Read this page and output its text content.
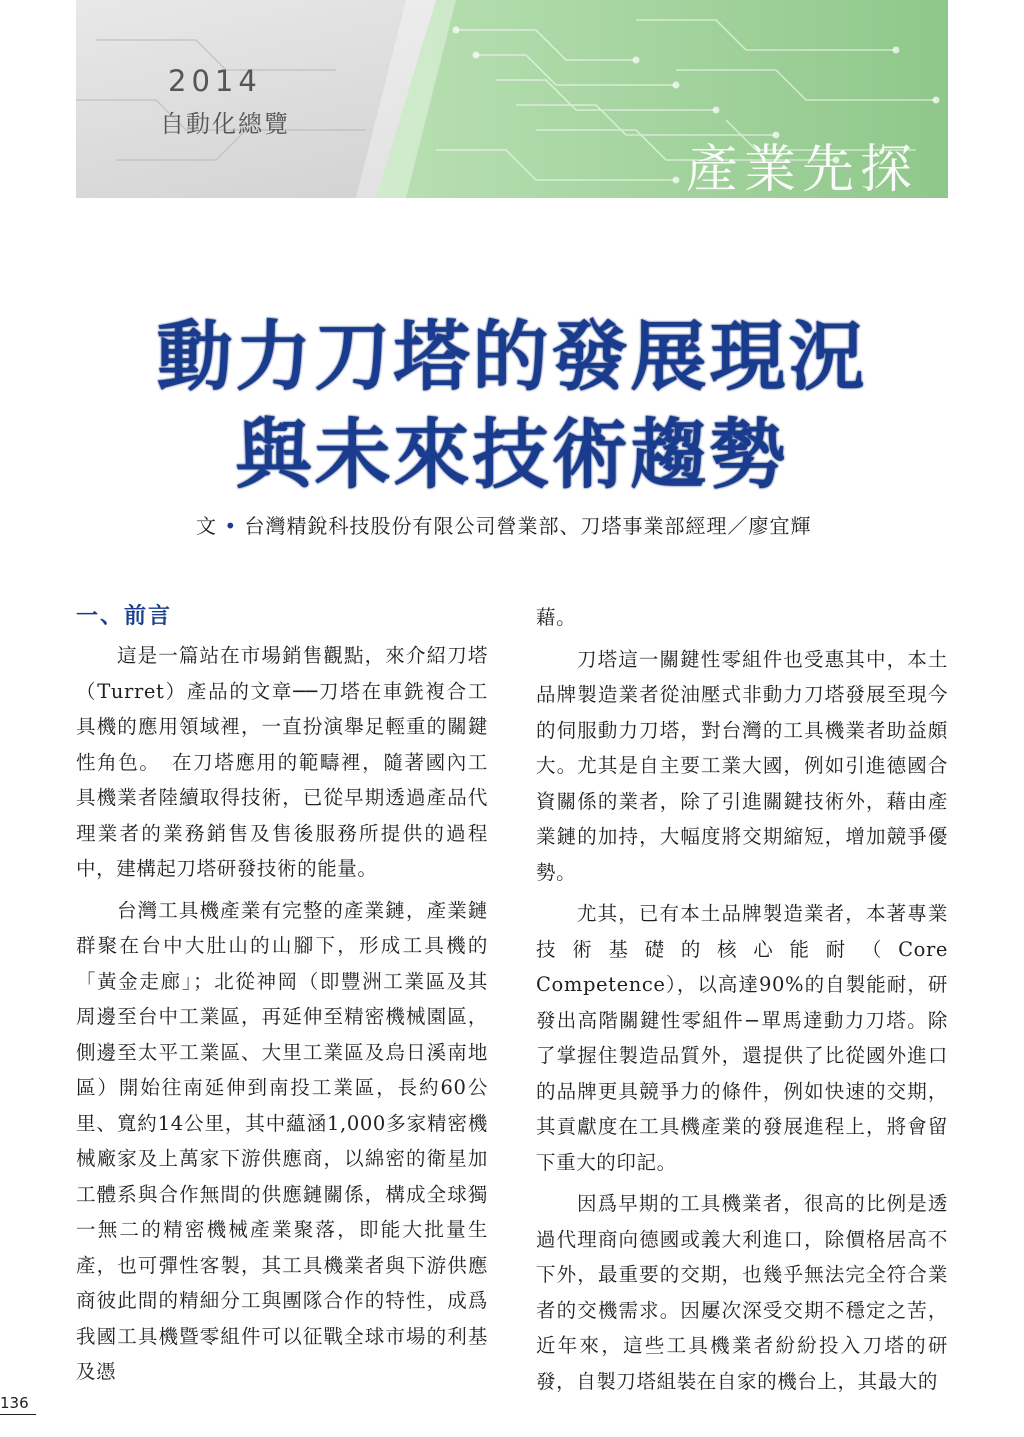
2014
自動化總覽
產業先探
動力刀塔的發展現況
與未來技術趨勢
文 • 台灣精銳科技股份有限公司營業部、刀塔事業部經理／廖宜輝
一、前言

這是一篇站在市場銷售觀點，來介紹刀塔（Turret）產品的文章──刀塔在車銑複合工具機的應用領域裡，一直扮演舉足輕重的關鍵性角色。　在刀塔應用的範疇裡，隨著國內工具機業者陸續取得技術，已從早期透過產品代理業者的業務銷售及售後服務所提供的過程中，建構起刀塔研發技術的能量。

台灣工具機產業有完整的產業鏈，產業鏈群聚在台中大肚山的山腳下，形成工具機的「黃金走廊」；北從神岡（即豐洲工業區及其周邊至台中工業區，再延伸至精密機械園區，側邊至太平工業區、大里工業區及烏日溪南地區）開始往南延伸到南投工業區，長約60公里、寬約14公里，其中蘊涵1,000多家精密機械廠家及上萬家下游供應商，以綿密的衛星加工體系與合作無間的供應鏈關係，構成全球獨一無二的精密機械產業聚落，即能大批量生產，也可彈性客製，其工具機業者與下游供應商彼此間的精細分工與團隊合作的特性，成爲我國工具機暨零組件可以征戰全球市場的利基及憑

藉。

刀塔這一關鍵性零組件也受惠其中，本土品牌製造業者從油壓式非動力刀塔發展至現今的伺服動力刀塔，對台灣的工具機業者助益頗大。尤其是自主要工業大國，例如引進德國合資關係的業者，除了引進關鍵技術外，藉由產業鏈的加持，大幅度將交期縮短，增加競爭優勢。

尤其，已有本土品牌製造業者，本著專業技術基礎的核心能耐（Core Competence），以高達90%的自製能耐，研發出高階關鍵性零組件−單馬達動力刀塔。除了掌握住製造品質外，還提供了比從國外進口的品牌更具競爭力的條件，例如快速的交期，其貢獻度在工具機產業的發展進程上，將會留下重大的印記。

因爲早期的工具機業者，很高的比例是透過代理商向德國或義大利進口，除價格居高不下外，最重要的交期，也幾乎無法完全符合業者的交機需求。因屢次深受交期不穩定之苦，近年來，這些工具機業者紛紛投入刀塔的研發，自製刀塔組裝在自家的機台上，其最大的

136
